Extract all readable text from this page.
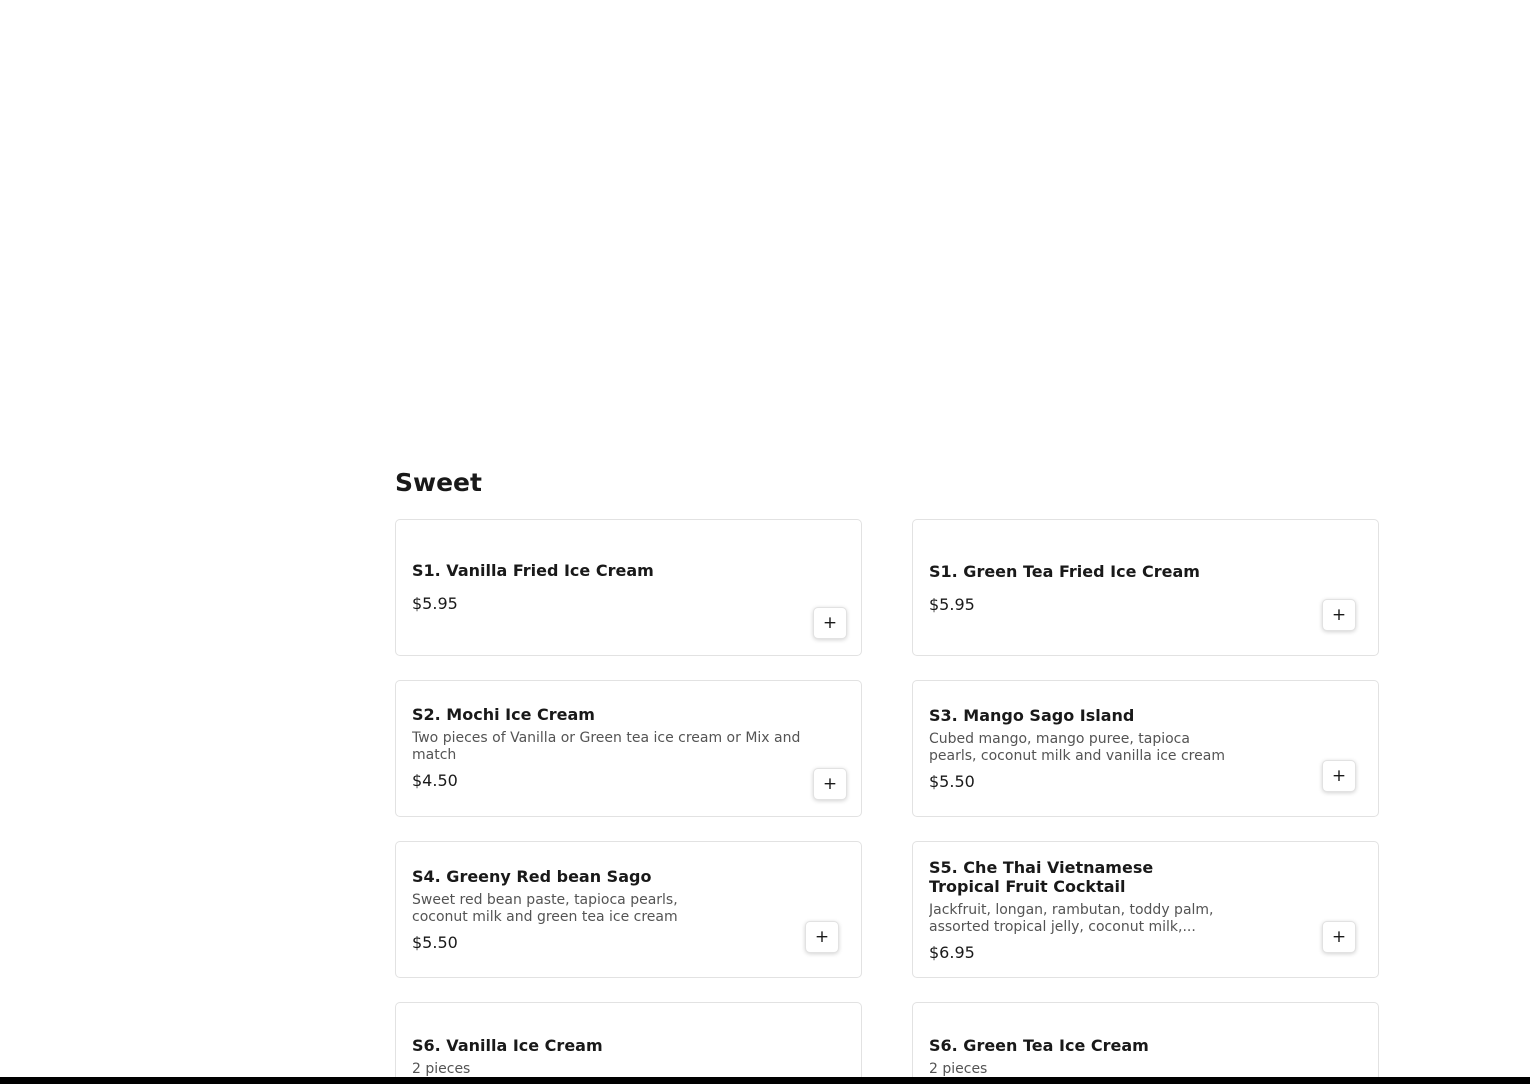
Sweet

S1. Vanilla Fried Ice Cream

$5.95

+

S1. Green Tea Fried Ice Cream

$5.95

+

S2. Mochi Ice Cream

Two pieces of Vanilla or Green tea ice cream or Mix and match

$4.50	+

S3. Mango Sago Island

Cubed mango, mango puree, tapioca pearls, coconut milk and vanilla ice cream

$5.50	+

S4. Greeny Red bean Sago

Sweet red bean paste, tapioca pearls, coconut milk and green tea ice cream

$5.50	+

S5. Che Thai Vietnamese Tropical Fruit Cocktail

Jackfruit, longan, rambutan, toddy palm, assorted tropical jelly, coconut milk,...

$6.95

+

S6. Vanilla Ice Cream

2 pieces

S6. Green Tea Ice Cream

2 pieces
